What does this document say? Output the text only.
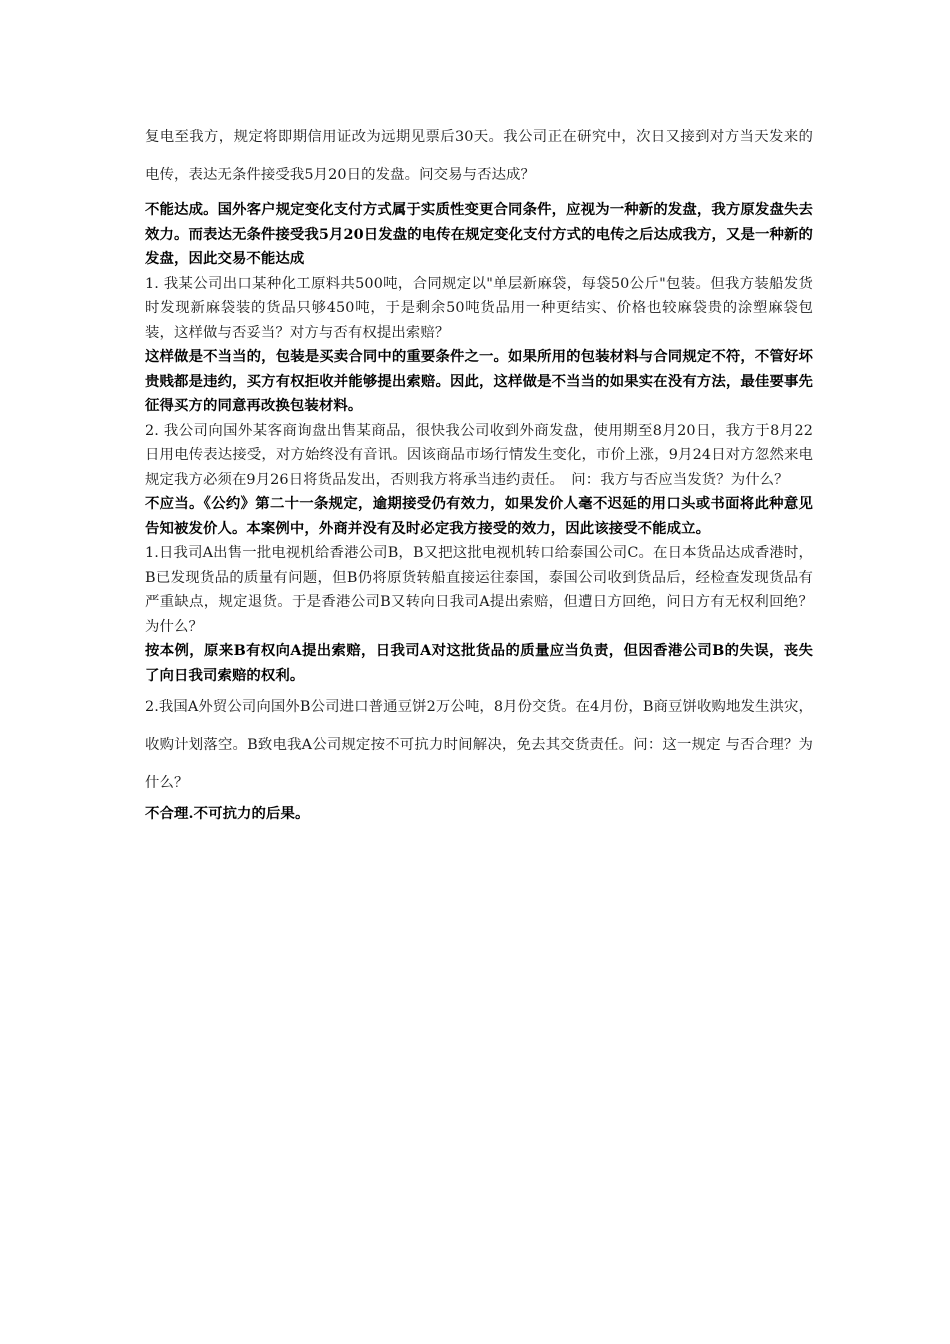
复电至我方，规定将即期信用证改为远期见票后30天。我公司正在研究中，次日又接到对方当天发来的电传，表达无条件接受我5月20日的发盘。问交易与否达成？

不能达成。国外客户规定变化支付方式属于实质性变更合同条件，应视为一种新的发盘，我方原发盘失去效力。而表达无条件接受我5月20日发盘的电传在规定变化支付方式的电传之后达成我方，又是一种新的发盘，因此交易不能达成

1. 我某公司出口某种化工原料共500吨，合同规定以"单层新麻袋，每袋50公斤"包装。但我方装船发货时发现新麻袋装的货品只够450吨，于是剩余50吨货品用一种更结实、价格也较麻袋贵的涂塑麻袋包装，这样做与否妥当？对方与否有权提出索赔？

这样做是不当当的，包装是买卖合同中的重要条件之一。如果所用的包装材料与合同规定不符，不管好坏贵贱都是违约，买方有权拒收并能够提出索赔。因此，这样做是不当当的如果实在没有方法，最佳要事先征得买方的同意再改换包装材料。

2. 我公司向国外某客商询盘出售某商品，很快我公司收到外商发盘，使用期至8月20日，我方于8月22日用电传表达接受，对方始终没有音讯。因该商品市场行情发生变化，市价上涨，9月24日对方忽然来电规定我方必须在9月26日将货品发出，否则我方将承当违约责任。　问：我方与否应当发货？为什么？

不应当。《公约》第二十一条规定，逾期接受仍有效力，如果发价人毫不迟延的用口头或书面将此种意见告知被发价人。本案例中，外商并没有及时必定我方接受的效力，因此该接受不能成立。

1.日我司A出售一批电视机给香港公司B，B又把这批电视机转口给泰国公司C。在日本货品达成香港时，B已发现货品的质量有问题，但B仍将原货转船直接运往泰国，泰国公司收到货品后，经检查发现货品有严重缺点，规定退货。于是香港公司B又转向日我司A提出索赔，但遭日方回绝，问日方有无权利回绝？为什么？

按本例，原来B有权向A提出索赔，日我司A对这批货品的质量应当负责，但因香港公司B的失误，丧失了向日我司索赔的权利。

2.我国A外贸公司向国外B公司进口普通豆饼2万公吨，8月份交货。在4月份，B商豆饼收购地发生洪灾，收购计划落空。B致电我A公司规定按不可抗力时间解决，免去其交货责任。问：这一规定 与否合理？为什么？

不合理.不可抗力的后果。
